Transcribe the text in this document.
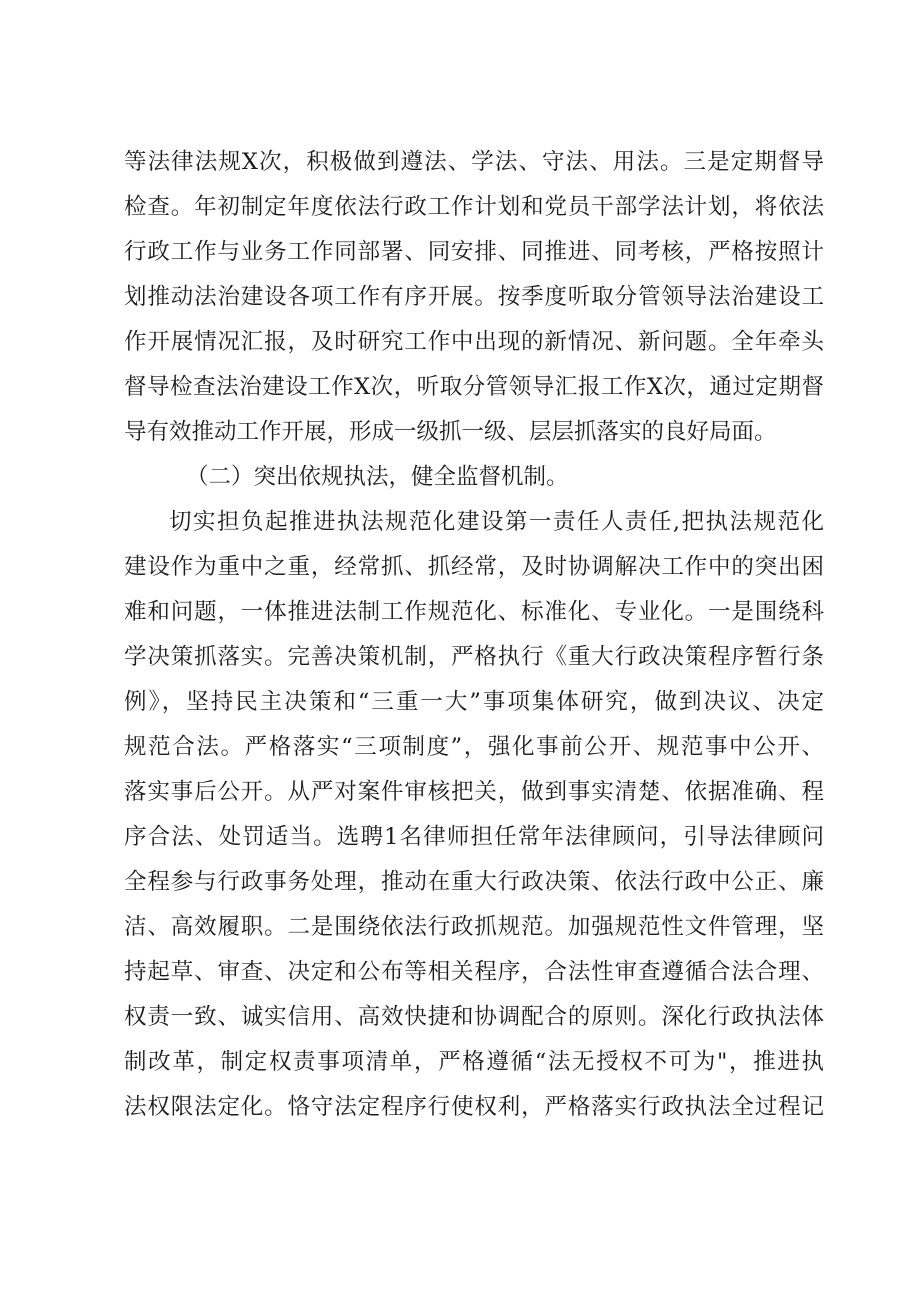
等法律法规X次，积极做到遵法、学法、守法、用法。三是定期督导
检查。年初制定年度依法行政工作计划和党员干部学法计划，将依法
行政工作与业务工作同部署、同安排、同推进、同考核，严格按照计
划推动法治建设各项工作有序开展。按季度听取分管领导法治建设工
作开展情况汇报，及时研究工作中出现的新情况、新问题。全年牵头
督导检查法治建设工作X次，听取分管领导汇报工作X次，通过定期督
导有效推动工作开展，形成一级抓一级、层层抓落实的良好局面。
（二）突出依规执法，健全监督机制。
切实担负起推进执法规范化建设第一责任人责任,把执法规范化
建设作为重中之重，经常抓、抓经常，及时协调解决工作中的突出困
难和问题，一体推进法制工作规范化、标准化、专业化。一是围绕科
学决策抓落实。完善决策机制，严格执行《重大行政决策程序暂行条
例》，坚持民主决策和“三重一大”事项集体研究，做到决议、决定
规范合法。严格落实“三项制度”，强化事前公开、规范事中公开、
落实事后公开。从严对案件审核把关，做到事实清楚、依据准确、程
序合法、处罚适当。选聘1名律师担任常年法律顾问，引导法律顾问
全程参与行政事务处理，推动在重大行政决策、依法行政中公正、廉
洁、高效履职。二是围绕依法行政抓规范。加强规范性文件管理，坚
持起草、审查、决定和公布等相关程序，合法性审查遵循合法合理、
权责一致、诚实信用、高效快捷和协调配合的原则。深化行政执法体
制改革，制定权责事项清单，严格遵循“法无授权不可为"，推进执
法权限法定化。恪守法定程序行使权利，严格落实行政执法全过程记
